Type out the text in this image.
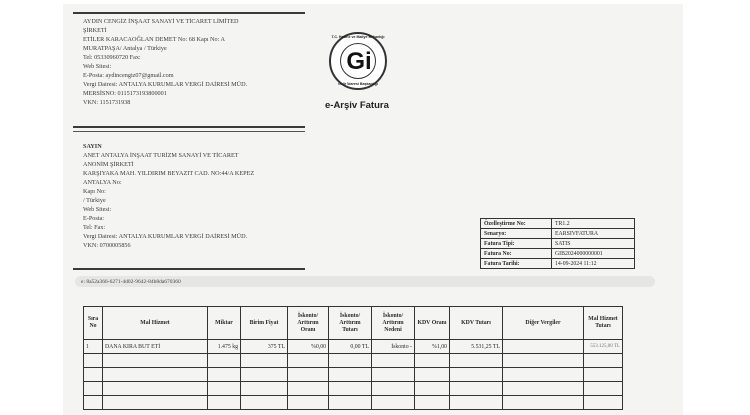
AYDIN CENGİZ İNŞAAT SANAYİ VE TİCARET LİMİTED
ŞİRKETİ
ETİLER KARACAOĞLAN DEMET No: 68 Kapı No: A
MURATPAŞA/ Antalya / Türkiye
Tel: 05330960720 Fax:
Web Sitesi:
E-Posta: aydincengiz07@gmail.com
Vergi Dairesi: ANTALYA KURUMLAR VERGİ DAİRESİ MÜD.
MERSİSNO: 0115173193800001
VKN: 1151731938
T.C. Hazine ve Maliye Bakanlığı
Gi
Gelir İdaresi Başkanlığı
e-Arşiv Fatura
SAYIN
ANET ANTALYA İNŞAAT TURİZM SANAYİ VE TİCARET
ANONİM ŞİRKETİ
KARŞIYAKA MAH. YILDIRIM BEYAZIT CAD. NO:44/A KEPEZ
ANTALYA No:
Kapı No:
/ Türkiye
Web Sitesi:
E-Posta:
Tel: Fax:
Vergi Dairesi: ANTALYA KURUMLAR VERGİ DAİRESİ MÜD.
VKN: 0700005856
Özelleştirme No:	TR1.2
Senaryo:	EARSIVFATURA
Fatura Tipi:	SATIS
Fatura No:	GIB2024000000001
Fatura Tarihi:	14-09-2024 11:12
e: 8a52a366-6271-4d02-9642-84b8da670360
Sıra No	Mal Hizmet	Miktar	Birim Fiyat	İskonto/ Arttırım Oranı	İskonto/ Arttırım Tutarı	İskonto/ Arttırım Nedeni	KDV Oranı	KDV Tutarı	Diğer Vergiler	Mal Hizmet Tutarı
1	DANA KIRA BUT ETİ	1.475 kg	375 TL	%0,00	0,00 TL	İskonto -	%1,00	5.531,25 TL		553.125,00 TL
